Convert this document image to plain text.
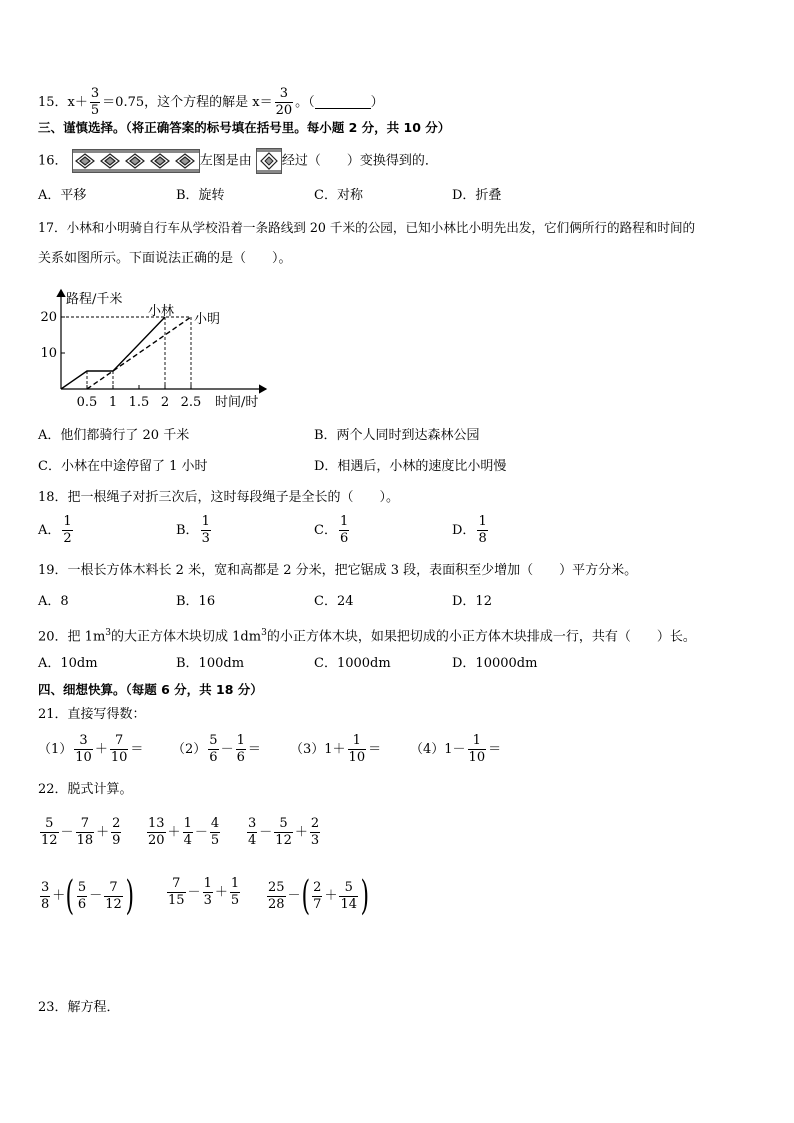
15．$x+ \frac{3}{5} =0.75$，这个方程的解是 $x= \frac{3}{20}$ 。（	）
三、谨慎选择。（将正确答案的标号填在括号里。每小题 2 分，共 10 分）
16．	左图是由 经过（　　）变换得到的．
A．平移	B．旋转	C．对称	D．折叠
17．小林和小明骑自行车从学校沿着一条路线到 20 千米的公园，已知小林比小明先出发，它们俩所行的路程和时间的
关系如图所示。下面说法正确的是（　　）。
10
20
0.5 1 1.5 2 2.5
路程/千米
时间/时
小林
小明
A．他们都骑行了 20 千米	B．两个人同时到达森林公园
C．小林在中途停留了 1 小时	D．相遇后，小林的速度比小明慢
18．把一根绳子对折三次后，这时每段绳子是全长的（　　）。
A． $\frac{1}{2}$	B． $\frac{1}{3}$	C． $\frac{1}{6}$	D． $\frac{1}{8}$
19．一根长方体木料长 2 米，宽和高都是 2 分米，把它锯成 3 段，表面积至少增加（　　）平方分米。
A．8	B．16	C．24	D．12
20．把 $1m^3$的大正方体木块切成 $1dm^3$的小正方体木块，如果把切成的小正方体木块排成一行，共有（　　）长。
A．10dm	B．100dm	C．1000dm	D．10000dm
四、细想快算。（每题 6 分，共 18 分）
21．直接写得数：
$(1) \frac{3}{10} + \frac{7}{10} = (2) \frac{5}{6} - \frac{1}{6} = (3)1+ \frac{1}{10} = (4)1- \frac{1}{10}$ ＝
22．脱式计算。
$\frac{5}{12} - \frac{7}{18} + \frac{2}{9} \frac{13}{20} + \frac{1}{4} - \frac{4}{5} \frac{3}{4} - \frac{5}{12} + \frac{2}{3}$
$\frac{3}{8}$ ＋( $\frac{5}{6} - \frac{7}{12}$ )	$\frac{7}{15} - \frac{1}{3} + \frac{1}{5} \frac{25}{28}$ －( $\frac{2}{7} + \frac{5}{14}$ )
23．解方程．
